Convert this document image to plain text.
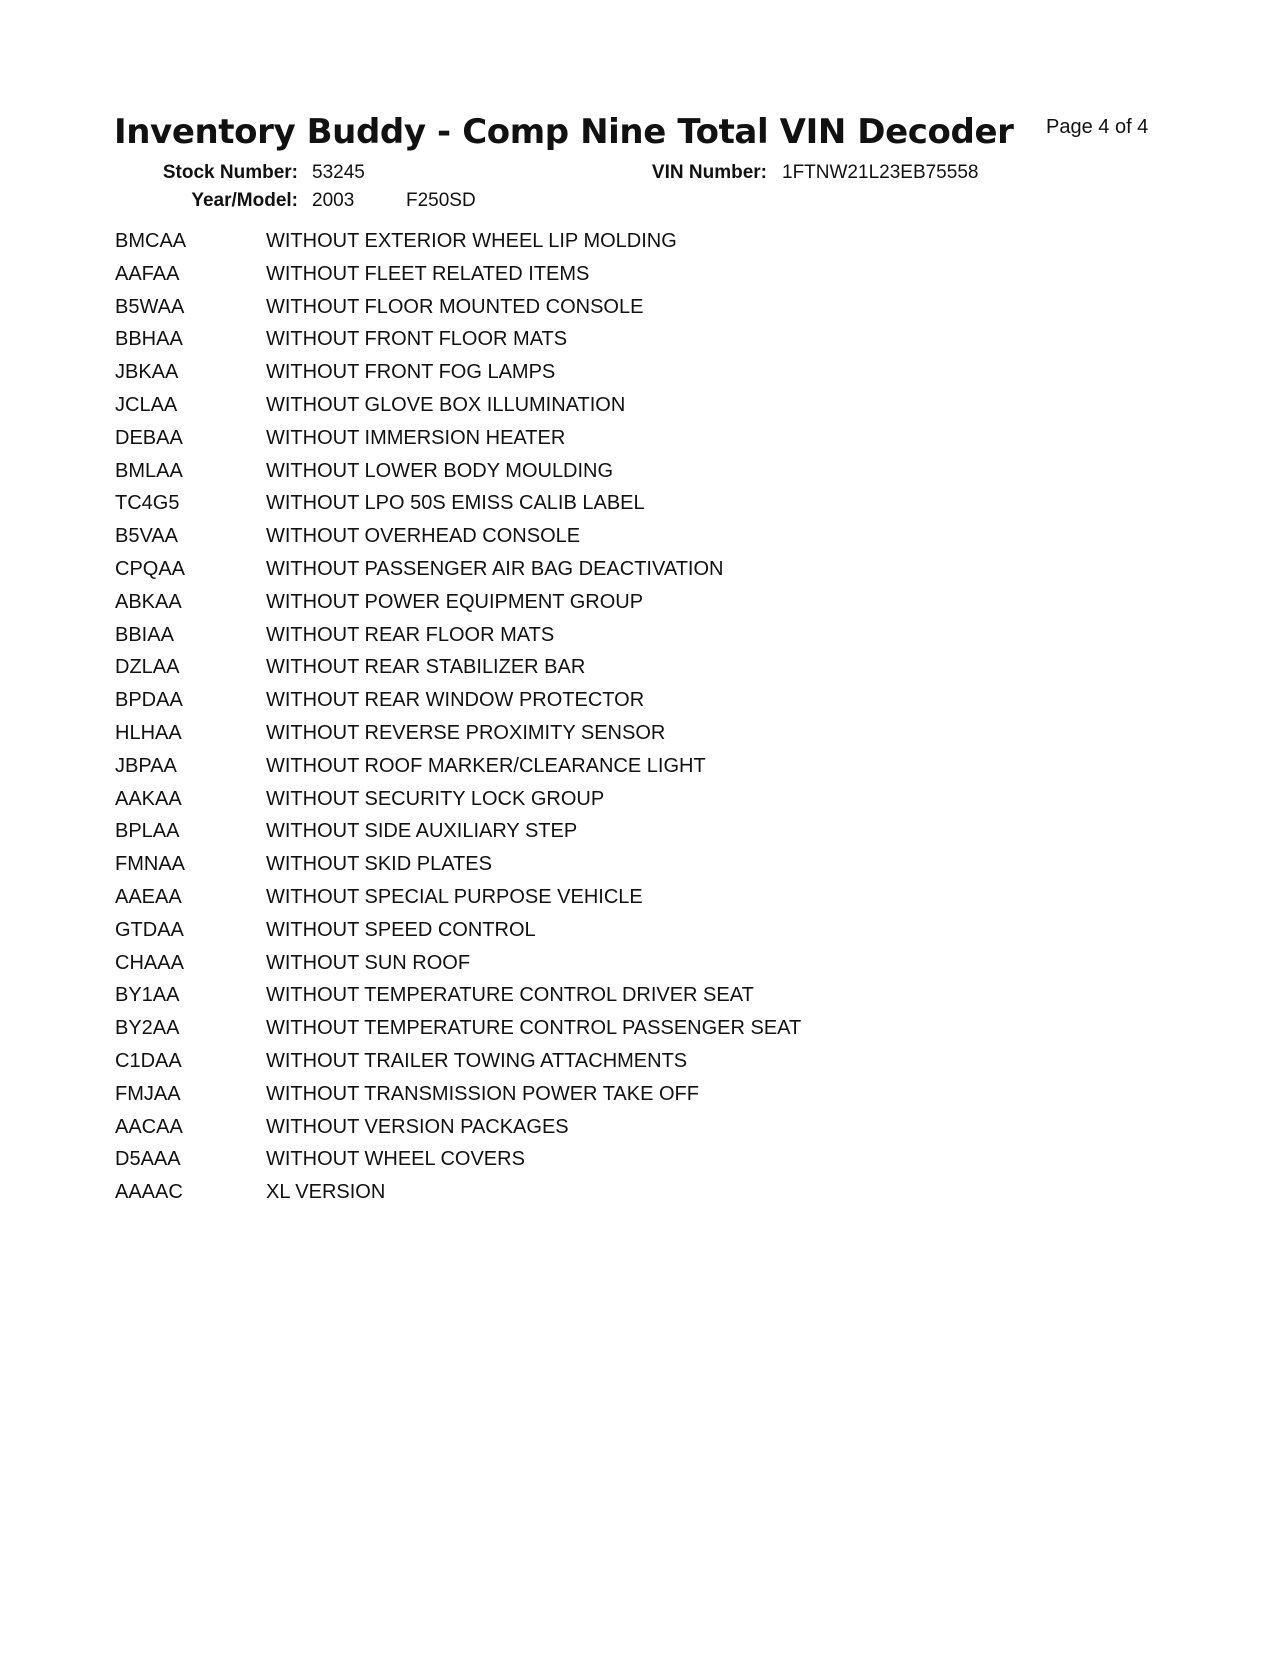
Inventory Buddy - Comp Nine Total VIN Decoder Page 4 of 4
Stock Number: 53245	VIN Number: 1FTNW21L23EB75558
Year/Model: 2003	F250SD
BMCAA	WITHOUT EXTERIOR WHEEL LIP MOLDING
AAFAA	WITHOUT FLEET RELATED ITEMS
B5WAA	WITHOUT FLOOR MOUNTED CONSOLE
BBHAA	WITHOUT FRONT FLOOR MATS
JBKAA	WITHOUT FRONT FOG LAMPS
JCLAA	WITHOUT GLOVE BOX ILLUMINATION
DEBAA	WITHOUT IMMERSION HEATER
BMLAA	WITHOUT LOWER BODY MOULDING
TC4G5	WITHOUT LPO 50S EMISS CALIB LABEL
B5VAA	WITHOUT OVERHEAD CONSOLE
CPQAA	WITHOUT PASSENGER AIR BAG DEACTIVATION
ABKAA	WITHOUT POWER EQUIPMENT GROUP
BBIAA	WITHOUT REAR FLOOR MATS
DZLAA	WITHOUT REAR STABILIZER BAR
BPDAA	WITHOUT REAR WINDOW PROTECTOR
HLHAA	WITHOUT REVERSE PROXIMITY SENSOR
JBPAA	WITHOUT ROOF MARKER/CLEARANCE LIGHT
AAKAA	WITHOUT SECURITY LOCK GROUP
BPLAA	WITHOUT SIDE AUXILIARY STEP
FMNAA	WITHOUT SKID PLATES
AAEAA	WITHOUT SPECIAL PURPOSE VEHICLE
GTDAA	WITHOUT SPEED CONTROL
CHAAA	WITHOUT SUN ROOF
BY1AA	WITHOUT TEMPERATURE CONTROL DRIVER SEAT
BY2AA	WITHOUT TEMPERATURE CONTROL PASSENGER SEAT
C1DAA	WITHOUT TRAILER TOWING ATTACHMENTS
FMJAA	WITHOUT TRANSMISSION POWER TAKE OFF
AACAA	WITHOUT VERSION PACKAGES
D5AAA	WITHOUT WHEEL COVERS
AAAAC	XL VERSION
